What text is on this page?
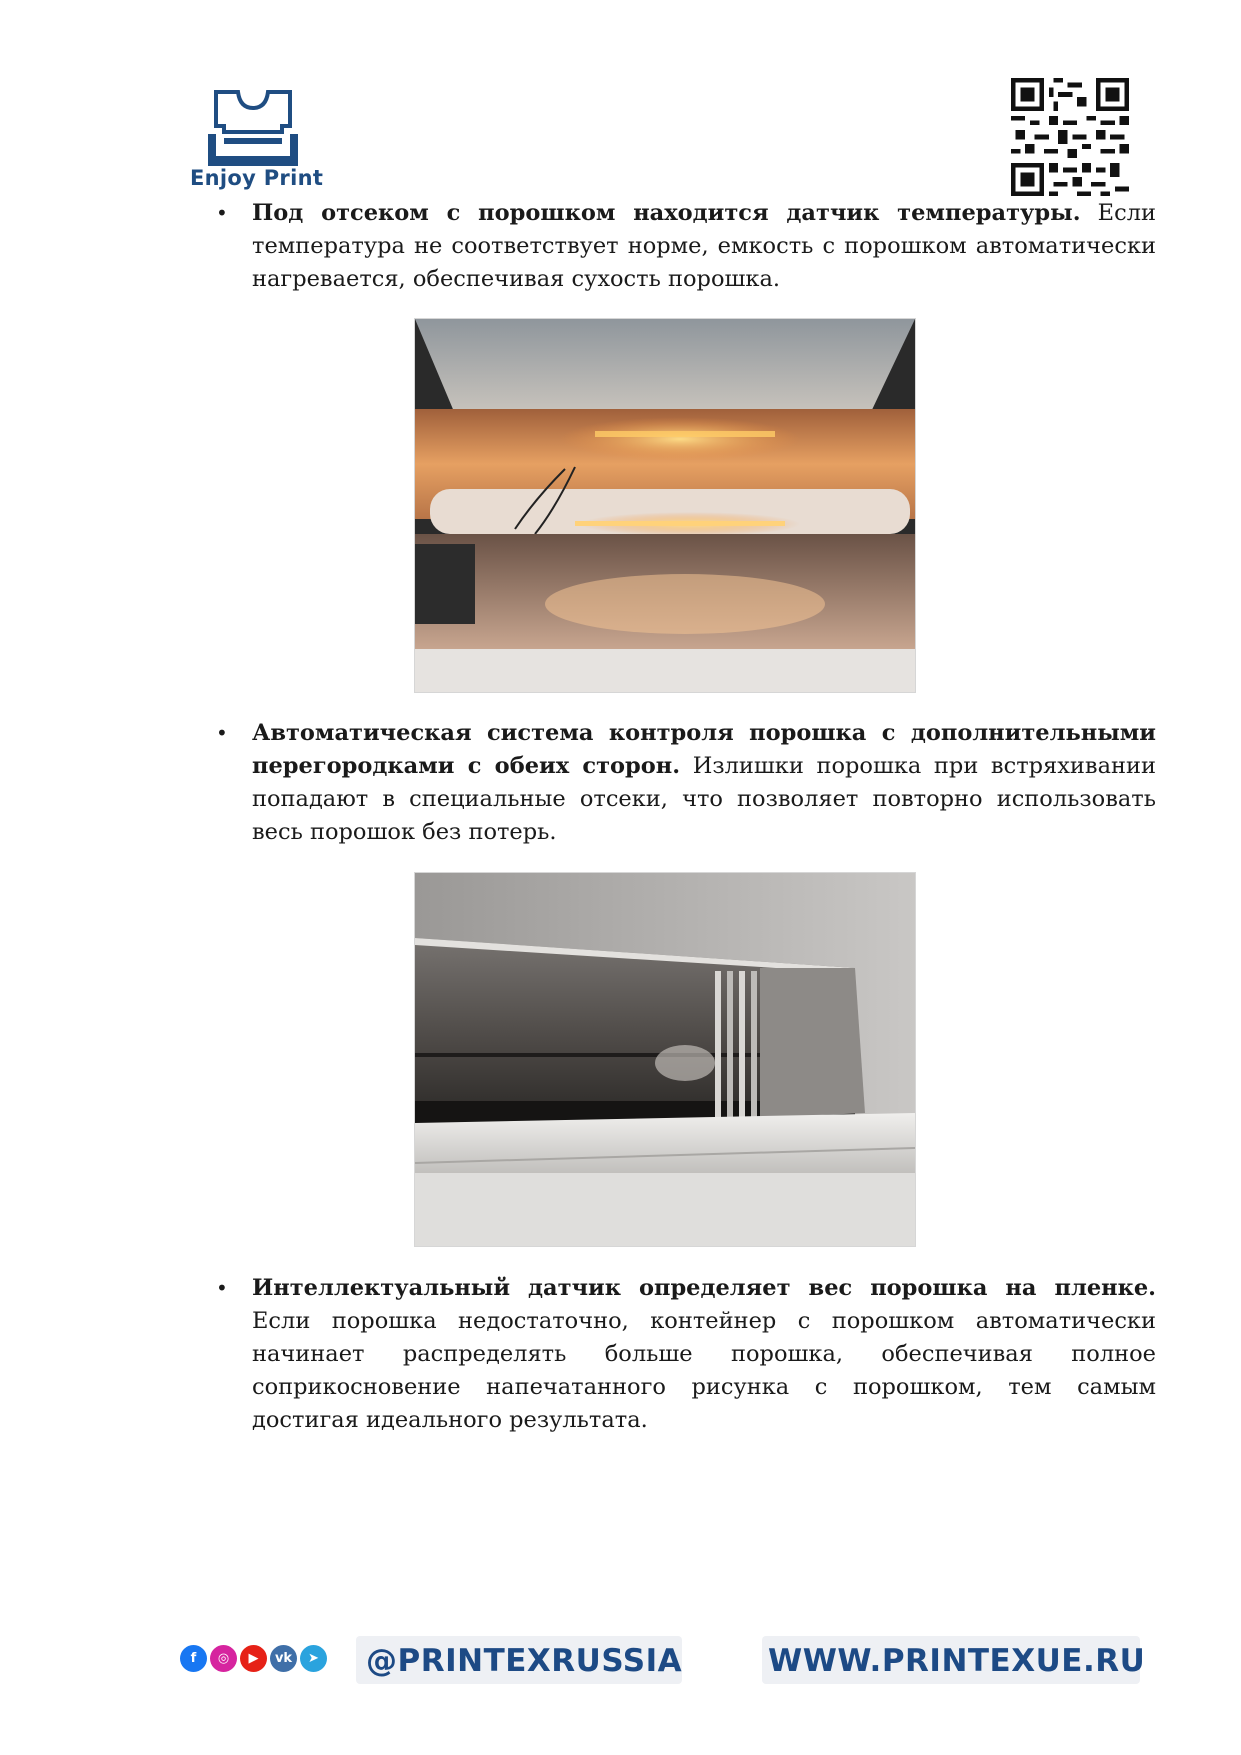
Enjoy Print
• Под отсеком с порошком находится датчик температуры. Если температура не соответствует норме, емкость с порошком автоматически нагревается, обеспечивая сухость порошка.

• Автоматическая система контроля порошка с дополнительными перегородками с обеих сторон. Излишки порошка при встряхивании попадают в специальные отсеки, что позволяет повторно использовать весь порошок без потерь.

• Интеллектуальный датчик определяет вес порошка на пленке. Если порошка недостаточно, контейнер с порошком автоматически начинает распределять больше порошка, обеспечивая полное соприкосновение напечатанного рисунка с порошком, тем самым достигая идеального результата.

f	◎	▶	vk	➤ @PRINTEXRUSSIA	WWW.PRINTEXUE.RU
